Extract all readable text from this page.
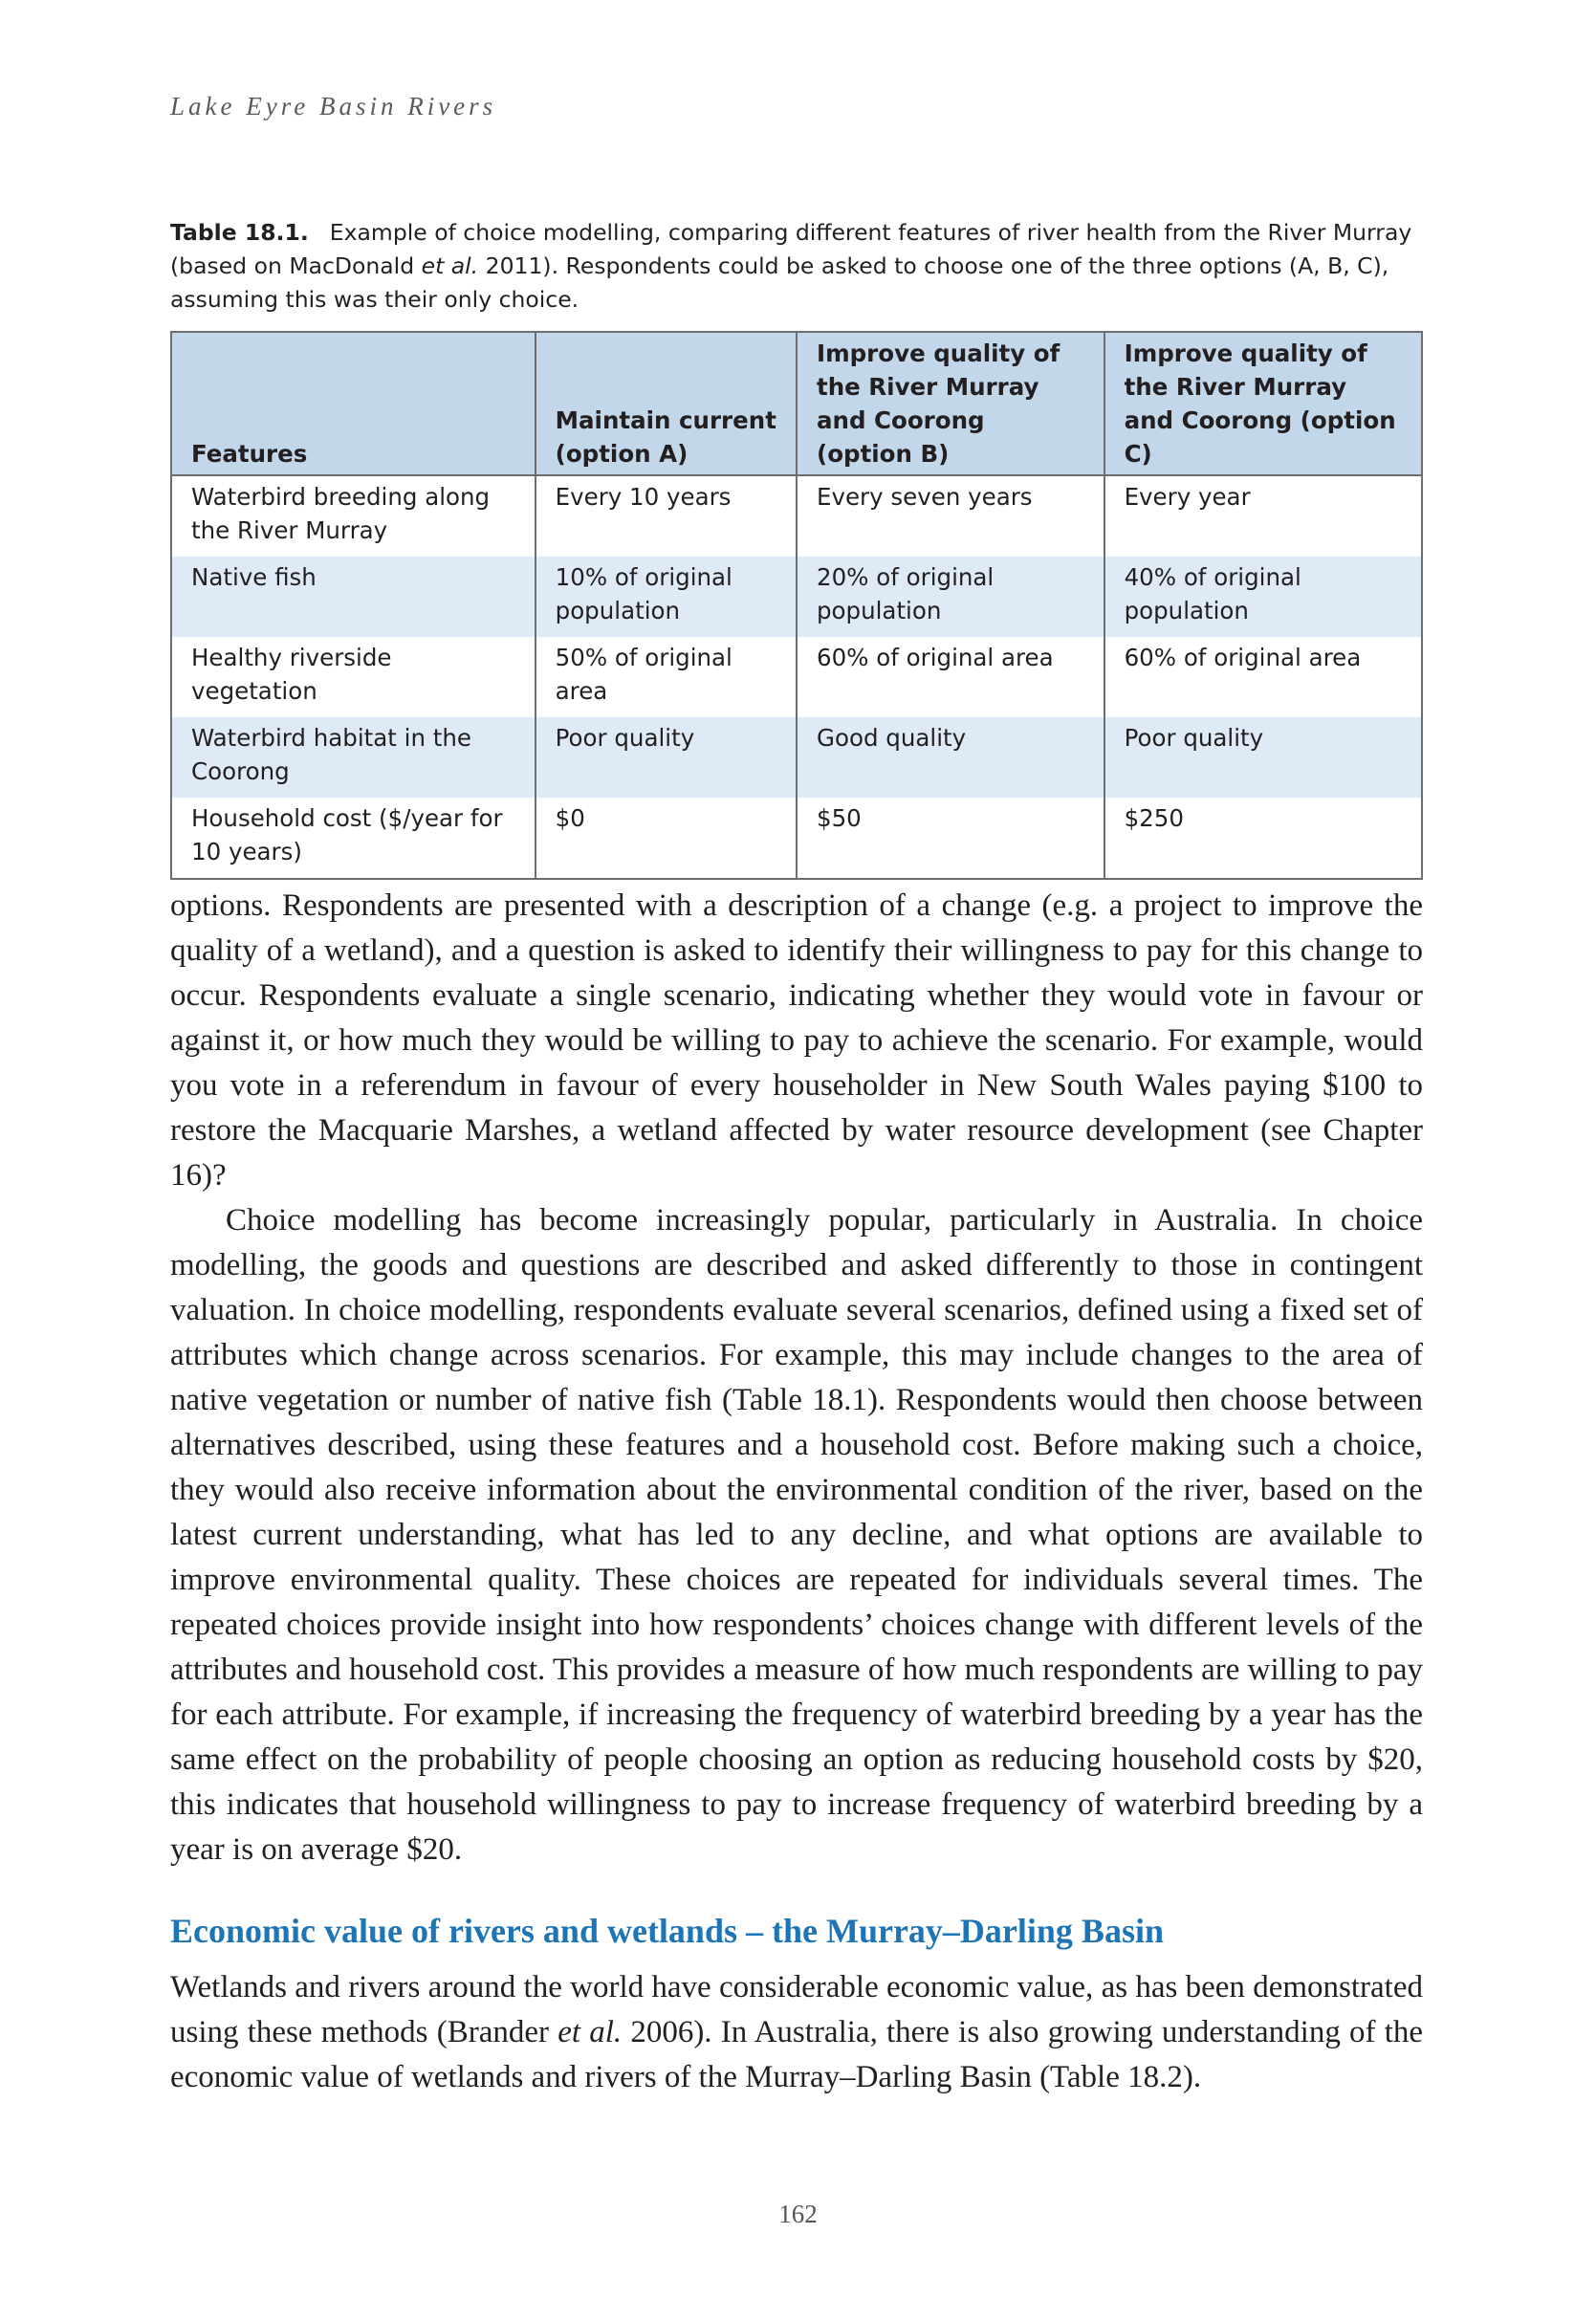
Lake Eyre Basin Rivers
Table 18.1. Example of choice modelling, comparing different features of river health from the River Murray (based on MacDonald et al. 2011). Respondents could be asked to choose one of the three options (A, B, C), assuming this was their only choice.
Features	Maintain current (option A)	Improve quality of the River Murray and Coorong (option B)	Improve quality of the River Murray and Coorong (option C)
Waterbird breeding along the River Murray	Every 10 years	Every seven years	Every year
Native fish	10% of original population	20% of original population	40% of original population
Healthy riverside vegetation	50% of original area	60% of original area	60% of original area
Waterbird habitat in the Coorong	Poor quality	Good quality	Poor quality
Household cost ($/year for 10 years)	$0	$50	$250

options. Respondents are presented with a description of a change (e.g. a project to improve the quality of a wetland), and a question is asked to identify their willingness to pay for this change to occur. Respondents evaluate a single scenario, indicating whether they would vote in favour or against it, or how much they would be willing to pay to achieve the scenario. For example, would you vote in a referendum in favour of every householder in New South Wales paying $100 to restore the Macquarie Marshes, a wetland affected by water resource development (see Chapter 16)?

Choice modelling has become increasingly popular, particularly in Australia. In choice modelling, the goods and questions are described and asked differently to those in contingent valuation. In choice modelling, respondents evaluate several scenarios, defined using a fixed set of attributes which change across scenarios. For example, this may include changes to the area of native vegetation or number of native fish (Table 18.1). Respondents would then choose between alternatives described, using these features and a household cost. Before making such a choice, they would also receive information about the environmental condition of the river, based on the latest current understanding, what has led to any decline, and what options are available to improve environmental quality. These choices are repeated for individuals several times. The repeated choices provide insight into how respondents’ choices change with different levels of the attributes and household cost. This provides a measure of how much respondents are willing to pay for each attribute. For example, if increasing the frequency of waterbird breeding by a year has the same effect on the probability of people choosing an option as reducing household costs by $20, this indicates that household willingness to pay to increase frequency of waterbird breeding by a year is on average $20.

Economic value of rivers and wetlands – the Murray–Darling Basin

Wetlands and rivers around the world have considerable economic value, as has been demonstrated using these methods (Brander et al. 2006). In Australia, there is also growing understanding of the economic value of wetlands and rivers of the Murray–Darling Basin (Table 18.2).

162
